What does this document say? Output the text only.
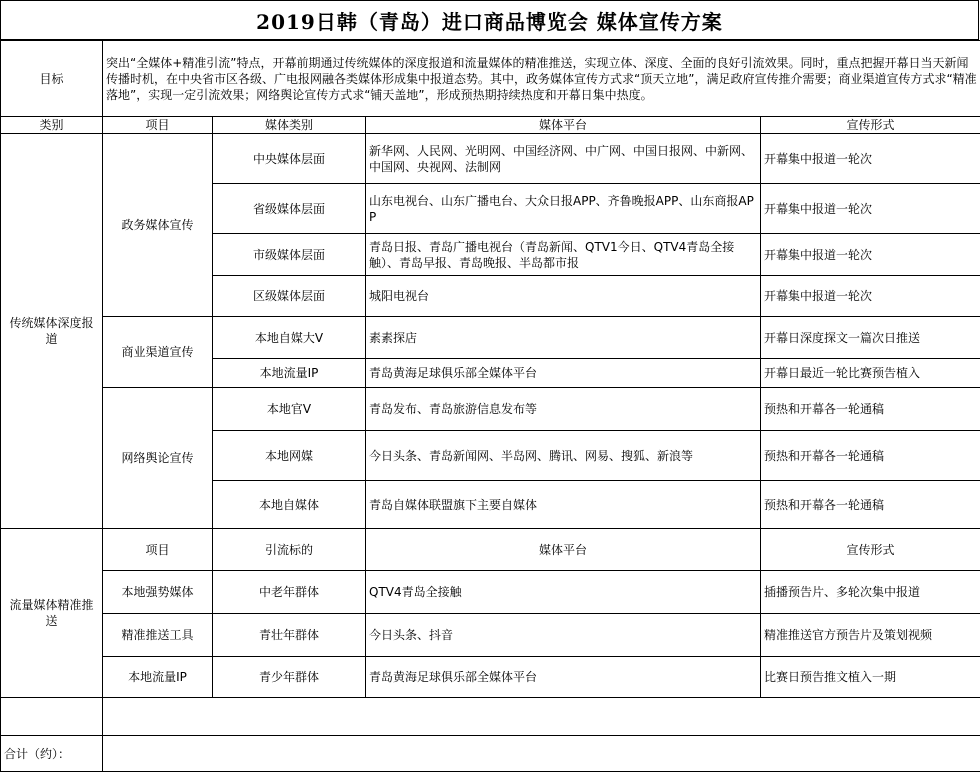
2019日韩（青岛）进口商品博览会 媒体宣传方案
目标	突出“全媒体+精准引流”特点，开幕前期通过传统媒体的深度报道和流量媒体的精准推送，实现立体、深度、全面的良好引流效果。同时，重点把握开幕日当天新闻传播时机，在中央省市区各级、广电报网融各类媒体形成集中报道态势。其中，政务媒体宣传方式求“顶天立地”，满足政府宣传推介需要；商业渠道宣传方式求“精准落地”，实现一定引流效果；网络舆论宣传方式求“铺天盖地”，形成预热期持续热度和开幕日集中热度。			
类别	项目	媒体类别	媒体平台	宣传形式
传统媒体深度报道	政务媒体宣传	中央媒体层面	新华网、人民网、光明网、中国经济网、中广网、中国日报网、中新网、中国网、央视网、法制网	开幕集中报道一轮次
		省级媒体层面	山东电视台、山东广播电台、大众日报APP、齐鲁晚报APP、山东商报APP	开幕集中报道一轮次
		市级媒体层面	青岛日报、青岛广播电视台（青岛新闻、QTV1今日、QTV4青岛全接触）、青岛早报、青岛晚报、半岛都市报	开幕集中报道一轮次
		区级媒体层面	城阳电视台	开幕集中报道一轮次
	商业渠道宣传	本地自媒大V	素素探店	开幕日深度探文一篇次日推送
		本地流量IP	青岛黄海足球俱乐部全媒体平台	开幕日最近一轮比赛预告植入
	网络舆论宣传	本地官V	青岛发布、青岛旅游信息发布等	预热和开幕各一轮通稿
		本地网媒	今日头条、青岛新闻网、半岛网、腾讯、网易、搜狐、新浪等	预热和开幕各一轮通稿
		本地自媒体	青岛自媒体联盟旗下主要自媒体	预热和开幕各一轮通稿
流量媒体精准推送	项目	引流标的	媒体平台	宣传形式
	本地强势媒体	中老年群体	QTV4青岛全接触	插播预告片、多轮次集中报道
	精准推送工具	青壮年群体	今日头条、抖音	精准推送官方预告片及策划视频
	本地流量IP	青少年群体	青岛黄海足球俱乐部全媒体平台	比赛日预告推文植入一期

合计（约）：				
